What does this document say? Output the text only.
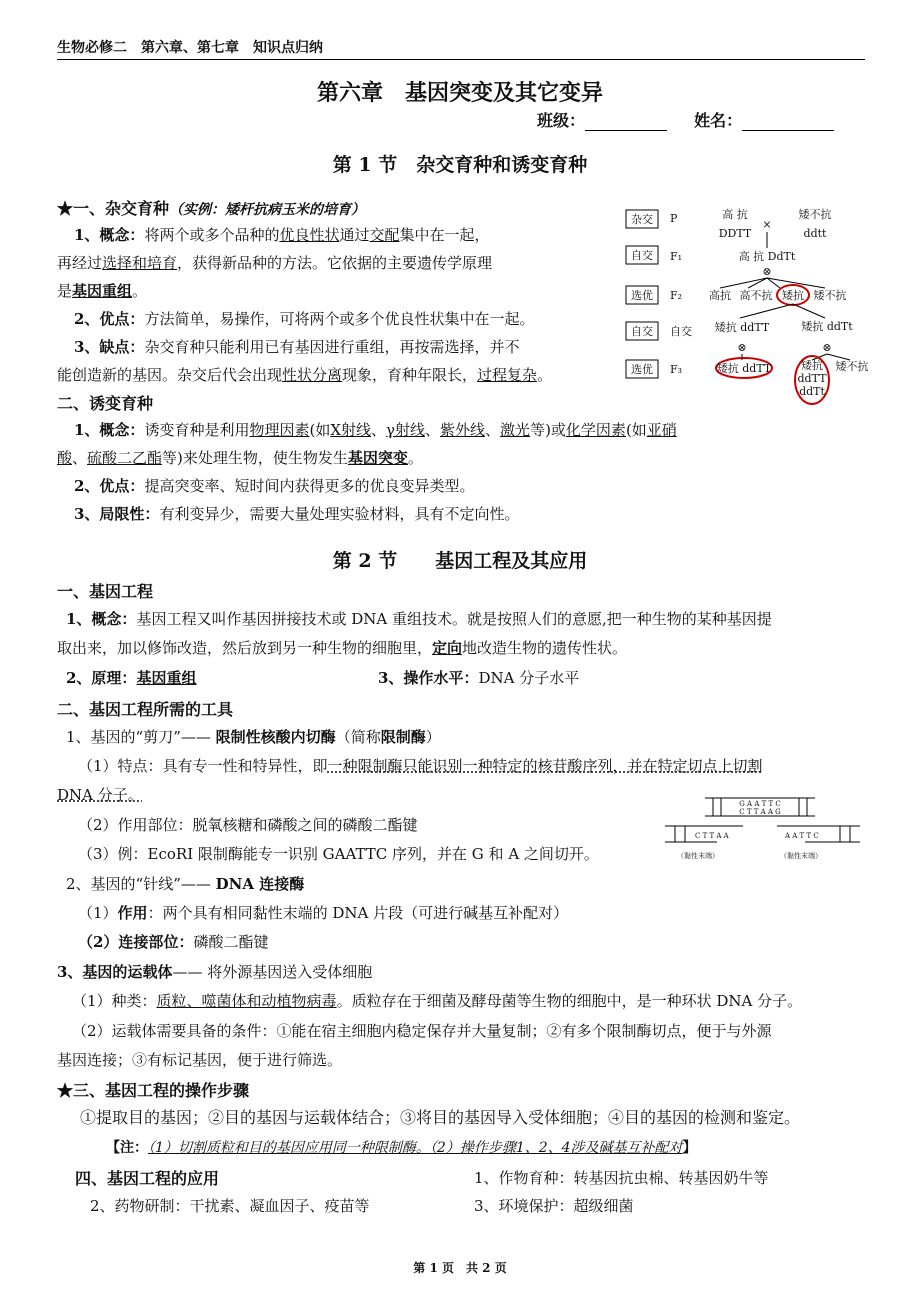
生物必修二　第六章、第七章　知识点归纳
第六章　基因突变及其它变异
班级：	姓名：
第 1 节　杂交育种和诱变育种
★一、杂交育种（实例：矮杆抗病玉米的培育）
1、概念：将两个或多个品种的优良性状通过交配集中在一起，
再经过选择和培育，获得新品种的方法。它依据的主要遗传学原理
是基因重组。
2、优点：方法简单，易操作，可将两个或多个优良性状集中在一起。
3、缺点：杂交育种只能利用已有基因进行重组，再按需选择，并不
能创造新的基因。杂交后代会出现性状分离现象，育种年限长，过程复杂。
杂交
自交
选优
自交
选优
P
F₁
F₂
自交
F₃
高 抗
DDTT
×
矮不抗
ddtt
高 抗 DdTt
⊗
高抗 高不抗 矮抗 矮不抗
矮抗 ddTT	矮抗 ddTt
⊗	⊗
矮抗 ddTT	矮抗
ddTT
ddTt
矮不抗
二、诱变育种
1、概念：诱变育种是利用物理因素(如X射线、γ射线、紫外线、激光等)或化学因素(如亚硝
酸、硫酸二乙酯等)来处理生物，使生物发生基因突变。
2、优点：提高突变率、短时间内获得更多的优良变异类型。
3、局限性：有利变异少，需要大量处理实验材料，具有不定向性。
第 2 节　　基因工程及其应用
一、基因工程
1、概念：基因工程又叫作基因拼接技术或 DNA 重组技术。就是按照人们的意愿,把一种生物的某种基因提
取出来，加以修饰改造，然后放到另一种生物的细胞里，定向地改造生物的遗传性状。
2、原理：基因重组	3、操作水平：DNA 分子水平
二、基因工程所需的工具
1、基因的“剪刀”—— 限制性核酸内切酶（简称限制酶）
（1）特点：具有专一性和特异性，即一种限制酶只能识别一种特定的核苷酸序列，并在特定切点上切割
DNA 分子。
（2）作用部位：脱氧核糖和磷酸之间的磷酸二酯键
（3）例：EcoRI 限制酶能专一识别 GAATTC 序列，并在 G 和 A 之间切开。
G A A T T C
C T T A A G
C T T A A	A A T T C
（黏性末端）	（黏性末端）
2、基因的“针线”—— DNA 连接酶
（1）作用：两个具有相同黏性末端的 DNA 片段（可进行碱基互补配对）
（2）连接部位：磷酸二酯键
3、基因的运载体—— 将外源基因送入受体细胞
（1）种类：质粒、噬菌体和动植物病毒。质粒存在于细菌及酵母菌等生物的细胞中，是一种环状 DNA 分子。
（2）运载体需要具备的条件：①能在宿主细胞内稳定保存并大量复制；②有多个限制酶切点，便于与外源
基因连接；③有标记基因，便于进行筛选。
★三、基因工程的操作步骤
①提取目的基因；②目的基因与运载体结合；③将目的基因导入受体细胞；④目的基因的检测和鉴定。
【注：（1）切割质粒和目的基因应用同一种限制酶。（2）操作步骤1、2、4涉及碱基互补配对】
四、基因工程的应用	1、作物育种：转基因抗虫棉、转基因奶牛等
2、药物研制：干扰素、凝血因子、疫苗等	3、环境保护：超级细菌
第 1 页　共 2 页
